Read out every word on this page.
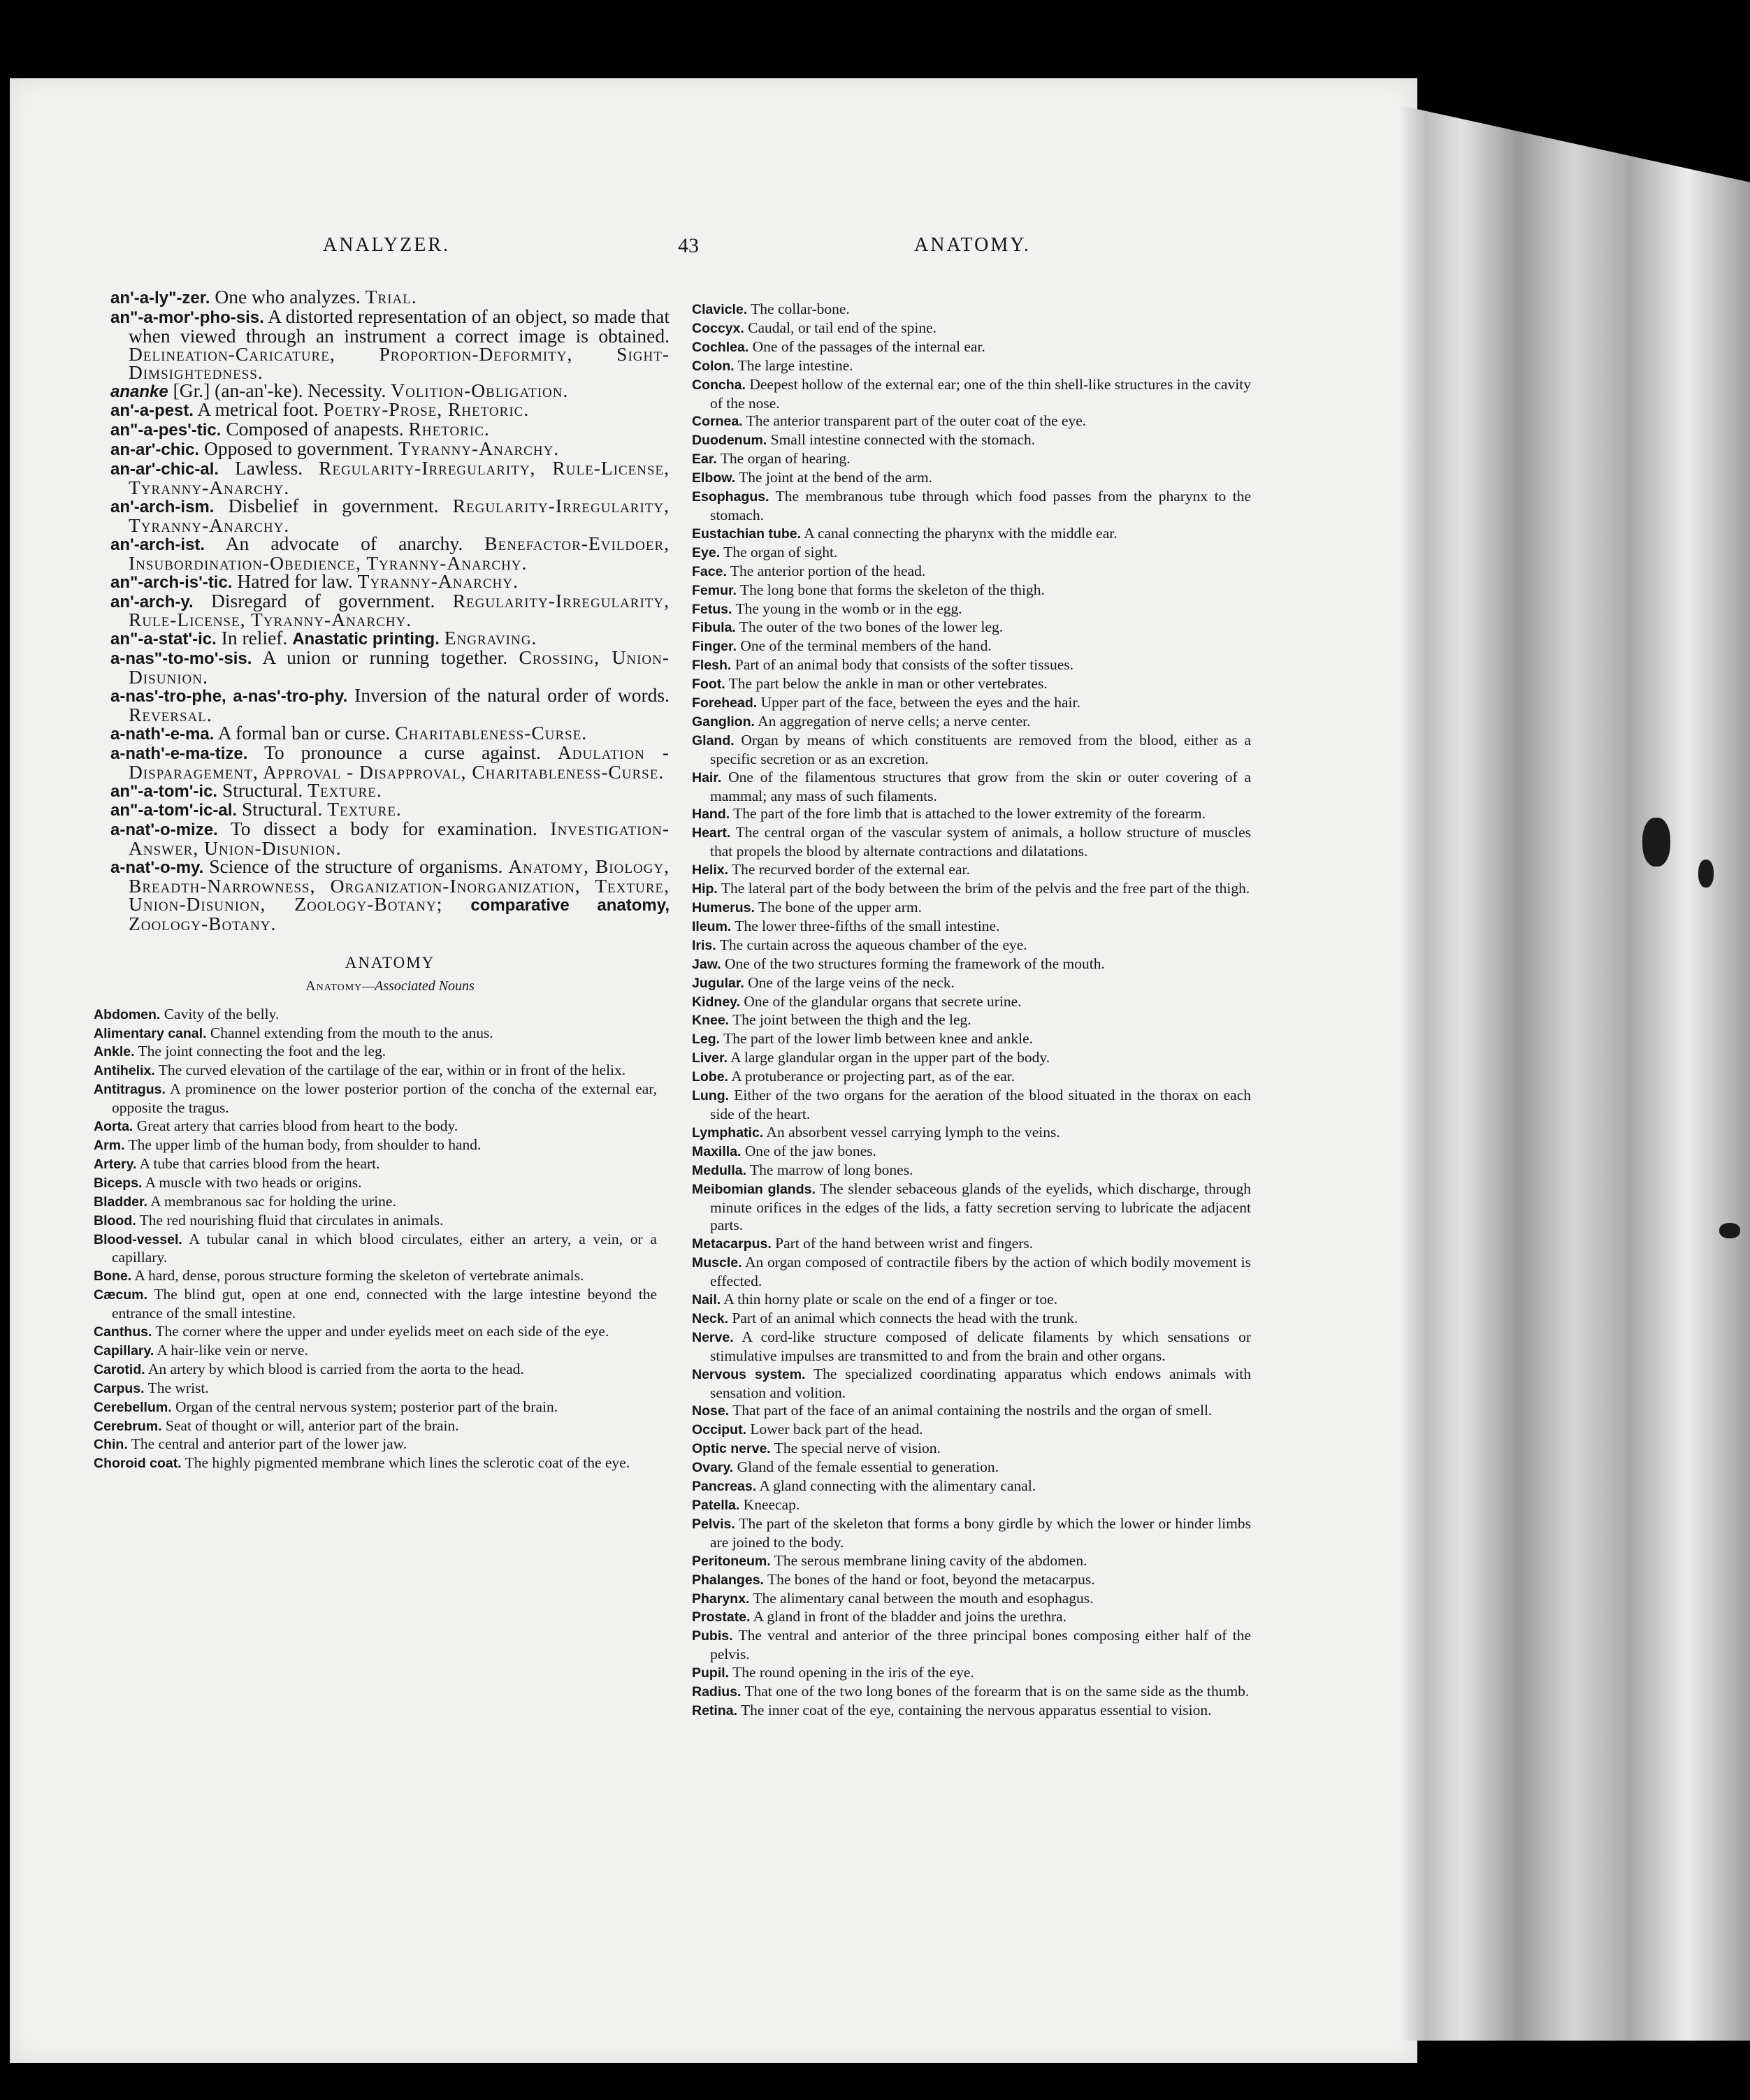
ANALYZER.	43	ANATOMY.
an'-a-ly"-zer. One who analyzes. Trial.
an"-a-mor'-pho-sis. A distorted representation of an object, so made that when viewed through an instrument a correct image is obtained. Delineation-Caricature, Proportion-Deformity, Sight-Dimsightedness.
ananke [Gr.] (an-an'-ke). Necessity. Volition-Obligation.
an'-a-pest. A metrical foot. Poetry-Prose, Rhetoric.
an"-a-pes'-tic. Composed of anapests. Rhetoric.
an-ar'-chic. Opposed to government. Tyranny-Anarchy.
an-ar'-chic-al. Lawless. Regularity-Irregularity, Rule-License, Tyranny-Anarchy.
an'-arch-ism. Disbelief in government. Regularity-Irregularity, Tyranny-Anarchy.
an'-arch-ist. An advocate of anarchy. Benefactor-Evildoer, Insubordination-Obedience, Tyranny-Anarchy.
an"-arch-is'-tic. Hatred for law. Tyranny-Anarchy.
an'-arch-y. Disregard of government. Regularity-Irregularity, Rule-License, Tyranny-Anarchy.
an"-a-stat'-ic. In relief. Anastatic printing. Engraving.
a-nas"-to-mo'-sis. A union or running together. Crossing, Union-Disunion.
a-nas'-tro-phe, a-nas'-tro-phy. Inversion of the natural order of words. Reversal.
a-nath'-e-ma. A formal ban or curse. Charitableness-Curse.
a-nath'-e-ma-tize. To pronounce a curse against. Adulation - Disparagement, Approval - Disapproval, Charitableness-Curse.
an"-a-tom'-ic. Structural. Texture.
an"-a-tom'-ic-al. Structural. Texture.
a-nat'-o-mize. To dissect a body for examination. Investigation-Answer, Union-Disunion.
a-nat'-o-my. Science of the structure of organisms. Anatomy, Biology, Breadth-Narrowness, Organization-Inorganization, Texture, Union-Disunion, Zoology-Botany; comparative anatomy, Zoology-Botany.
ANATOMY
Anatomy—Associated Nouns
Abdomen. Cavity of the belly.
Alimentary canal. Channel extending from the mouth to the anus.
Ankle. The joint connecting the foot and the leg.
Antihelix. The curved elevation of the cartilage of the ear, within or in front of the helix.
Antitragus. A prominence on the lower posterior portion of the concha of the external ear, opposite the tragus.
Aorta. Great artery that carries blood from heart to the body.
Arm. The upper limb of the human body, from shoulder to hand.
Artery. A tube that carries blood from the heart.
Biceps. A muscle with two heads or origins.
Bladder. A membranous sac for holding the urine.
Blood. The red nourishing fluid that circulates in animals.
Blood-vessel. A tubular canal in which blood circulates, either an artery, a vein, or a capillary.
Bone. A hard, dense, porous structure forming the skeleton of vertebrate animals.
Cæcum. The blind gut, open at one end, connected with the large intestine beyond the entrance of the small intestine.
Canthus. The corner where the upper and under eyelids meet on each side of the eye.
Capillary. A hair-like vein or nerve.
Carotid. An artery by which blood is carried from the aorta to the head.
Carpus. The wrist.
Cerebellum. Organ of the central nervous system; posterior part of the brain.
Cerebrum. Seat of thought or will, anterior part of the brain.
Chin. The central and anterior part of the lower jaw.
Choroid coat. The highly pigmented membrane which lines the sclerotic coat of the eye.
Clavicle. The collar-bone.
Coccyx. Caudal, or tail end of the spine.
Cochlea. One of the passages of the internal ear.
Colon. The large intestine.
Concha. Deepest hollow of the external ear; one of the thin shell-like structures in the cavity of the nose.
Cornea. The anterior transparent part of the outer coat of the eye.
Duodenum. Small intestine connected with the stomach.
Ear. The organ of hearing.
Elbow. The joint at the bend of the arm.
Esophagus. The membranous tube through which food passes from the pharynx to the stomach.
Eustachian tube. A canal connecting the pharynx with the middle ear.
Eye. The organ of sight.
Face. The anterior portion of the head.
Femur. The long bone that forms the skeleton of the thigh.
Fetus. The young in the womb or in the egg.
Fibula. The outer of the two bones of the lower leg.
Finger. One of the terminal members of the hand.
Flesh. Part of an animal body that consists of the softer tissues.
Foot. The part below the ankle in man or other vertebrates.
Forehead. Upper part of the face, between the eyes and the hair.
Ganglion. An aggregation of nerve cells; a nerve center.
Gland. Organ by means of which constituents are removed from the blood, either as a specific secretion or as an excretion.
Hair. One of the filamentous structures that grow from the skin or outer covering of a mammal; any mass of such filaments.
Hand. The part of the fore limb that is attached to the lower extremity of the forearm.
Heart. The central organ of the vascular system of animals, a hollow structure of muscles that propels the blood by alternate contractions and dilatations.
Helix. The recurved border of the external ear.
Hip. The lateral part of the body between the brim of the pelvis and the free part of the thigh.
Humerus. The bone of the upper arm.
Ileum. The lower three-fifths of the small intestine.
Iris. The curtain across the aqueous chamber of the eye.
Jaw. One of the two structures forming the framework of the mouth.
Jugular. One of the large veins of the neck.
Kidney. One of the glandular organs that secrete urine.
Knee. The joint between the thigh and the leg.
Leg. The part of the lower limb between knee and ankle.
Liver. A large glandular organ in the upper part of the body.
Lobe. A protuberance or projecting part, as of the ear.
Lung. Either of the two organs for the aeration of the blood situated in the thorax on each side of the heart.
Lymphatic. An absorbent vessel carrying lymph to the veins.
Maxilla. One of the jaw bones.
Medulla. The marrow of long bones.
Meibomian glands. The slender sebaceous glands of the eyelids, which discharge, through minute orifices in the edges of the lids, a fatty secretion serving to lubricate the adjacent parts.
Metacarpus. Part of the hand between wrist and fingers.
Muscle. An organ composed of contractile fibers by the action of which bodily movement is effected.
Nail. A thin horny plate or scale on the end of a finger or toe.
Neck. Part of an animal which connects the head with the trunk.
Nerve. A cord-like structure composed of delicate filaments by which sensations or stimulative impulses are transmitted to and from the brain and other organs.
Nervous system. The specialized coordinating apparatus which endows animals with sensation and volition.
Nose. That part of the face of an animal containing the nostrils and the organ of smell.
Occiput. Lower back part of the head.
Optic nerve. The special nerve of vision.
Ovary. Gland of the female essential to generation.
Pancreas. A gland connecting with the alimentary canal.
Patella. Kneecap.
Pelvis. The part of the skeleton that forms a bony girdle by which the lower or hinder limbs are joined to the body.
Peritoneum. The serous membrane lining cavity of the abdomen.
Phalanges. The bones of the hand or foot, beyond the metacarpus.
Pharynx. The alimentary canal between the mouth and esophagus.
Prostate. A gland in front of the bladder and joins the urethra.
Pubis. The ventral and anterior of the three principal bones composing either half of the pelvis.
Pupil. The round opening in the iris of the eye.
Radius. That one of the two long bones of the forearm that is on the same side as the thumb.
Retina. The inner coat of the eye, containing the nervous apparatus essential to vision.
